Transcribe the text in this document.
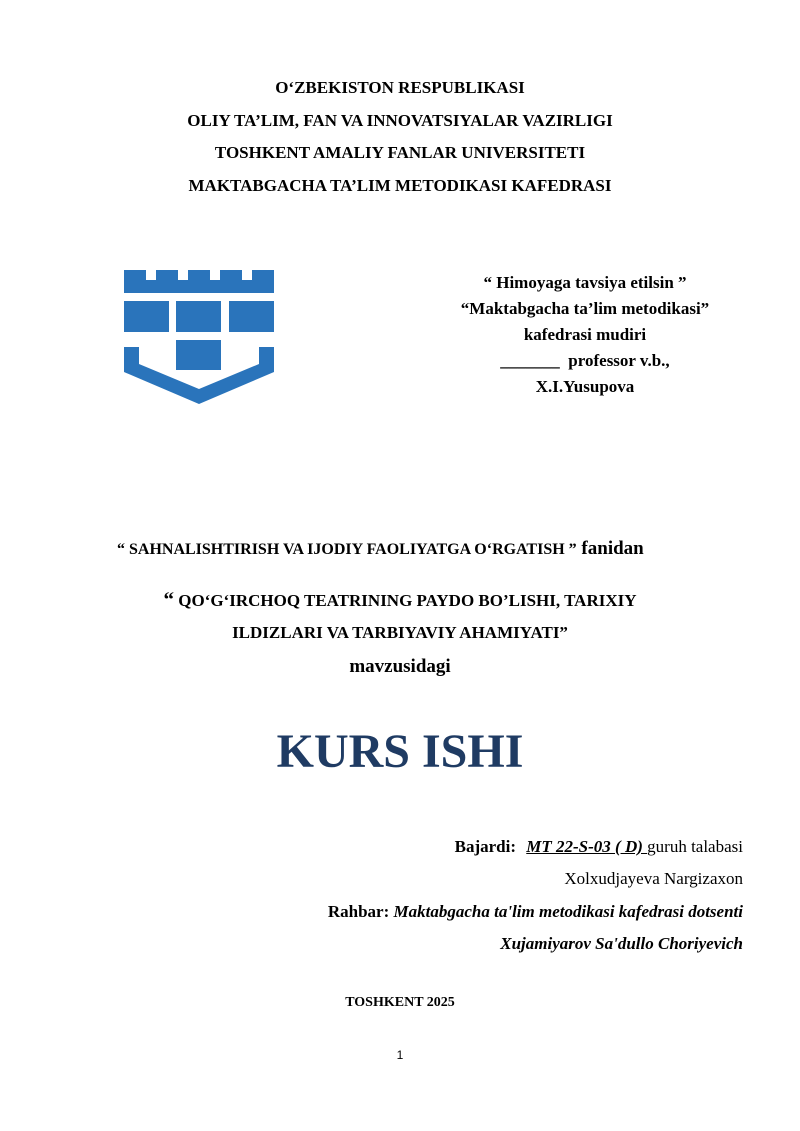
O‘ZBEKISTON RESPUBLIKASI
OLIY TA’LIM, FAN VA INNOVATSIYALAR VAZIRLIGI
TOSHKENT AMALIY FANLAR UNIVERSITETI
MAKTABGACHA TA’LIM METODIKASI KAFEDRASI
“ Himoyaga tavsiya etilsin ”
“Maktabgacha ta’lim metodikasi”
kafedrasi mudiri
_______  professor v.b.,
X.I.Yusupova
“ SAHNALISHTIRISH VA IJODIY FAOLIYATGA O‘RGATISH ” fanidan
“ QO‘G‘IRCHOQ TEATRINING PAYDO BO’LISHI, TARIXIY
ILDIZLARI VA TARBIYAVIY AHAMIYATI”
mavzusidagi
KURS ISHI
Bajardi: MT 22-S-03 ( D) guruh talabasi
Xolxudjayeva Nargizaxon
Rahbar: Maktabgacha ta'lim metodikasi kafedrasi dotsenti
Xujamiyarov Sa'dullo Choriyevich
TOSHKENT 2025
1
